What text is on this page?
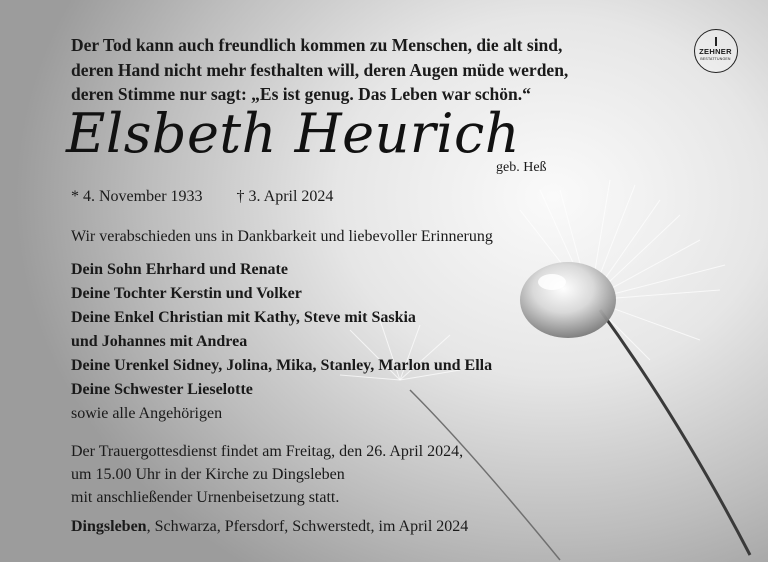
Der Tod kann auch freundlich kommen zu Menschen, die alt sind,
deren Hand nicht mehr festhalten will, deren Augen müde werden,
deren Stimme nur sagt: „Es ist genug. Das Leben war schön.“
ZEHNER
BESTATTUNGEN
Elsbeth Heurich
geb. Heß
* 4. November 1933 † 3. April 2024
Wir verabschieden uns in Dankbarkeit und liebevoller Erinnerung
Dein Sohn Ehrhard und Renate
Deine Tochter Kerstin und Volker
Deine Enkel Christian mit Kathy, Steve mit Saskia
und Johannes mit Andrea
Deine Urenkel Sidney, Jolina, Mika, Stanley, Marlon und Ella
Deine Schwester Lieselotte
sowie alle Angehörigen
Der Trauergottesdienst findet am Freitag, den 26. April 2024,
um 15.00 Uhr in der Kirche zu Dingsleben
mit anschließender Urnenbeisetzung statt.
Dingsleben, Schwarza, Pfersdorf, Schwerstedt, im April 2024
